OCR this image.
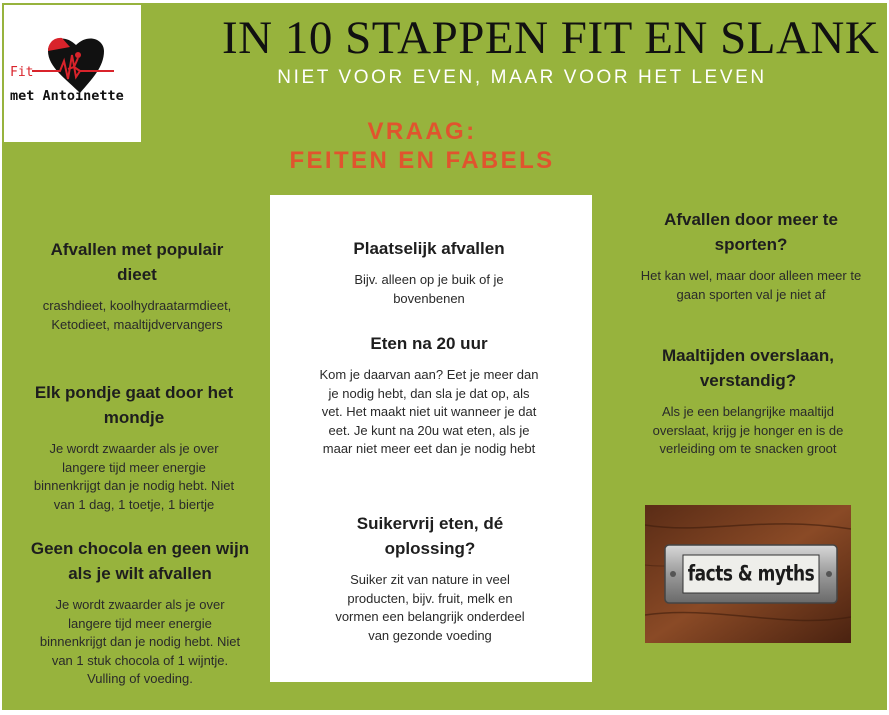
Fit
met Antoinette
IN 10 STAPPEN FIT EN SLANK
NIET VOOR EVEN, MAAR VOOR HET LEVEN
VRAAG:
FEITEN EN FABELS
Afvallen met populair dieet
crashdieet, koolhydraatarmdieet, Ketodieet, maaltijdvervangers
Elk pondje gaat door het mondje
Je wordt zwaarder als je over langere tijd meer energie binnenkrijgt dan je nodig hebt. Niet van 1 dag, 1 toetje, 1 biertje
Geen chocola en geen wijn als je wilt afvallen
Je wordt zwaarder als je over langere tijd meer energie binnenkrijgt dan je nodig hebt. Niet van 1 stuk chocola of 1 wijntje. Vulling of voeding.
Plaatselijk afvallen
Bijv. alleen op je buik of je bovenbenen
Eten na 20 uur
Kom je daarvan aan? Eet je meer dan je nodig hebt, dan sla je dat op, als vet. Het maakt niet uit wanneer je dat eet. Je kunt na 20u wat eten, als je maar niet meer eet dan je nodig hebt
Suikervrij eten, dé oplossing?
Suiker zit van nature in veel producten, bijv. fruit, melk en vormen een belangrijk onderdeel van gezonde voeding
Afvallen door meer te sporten?
Het kan wel, maar door alleen meer te gaan sporten val je niet af
Maaltijden overslaan, verstandig?
Als je een belangrijke maaltijd overslaat, krijg je honger en is de verleiding om te snacken groot
facts & myths
